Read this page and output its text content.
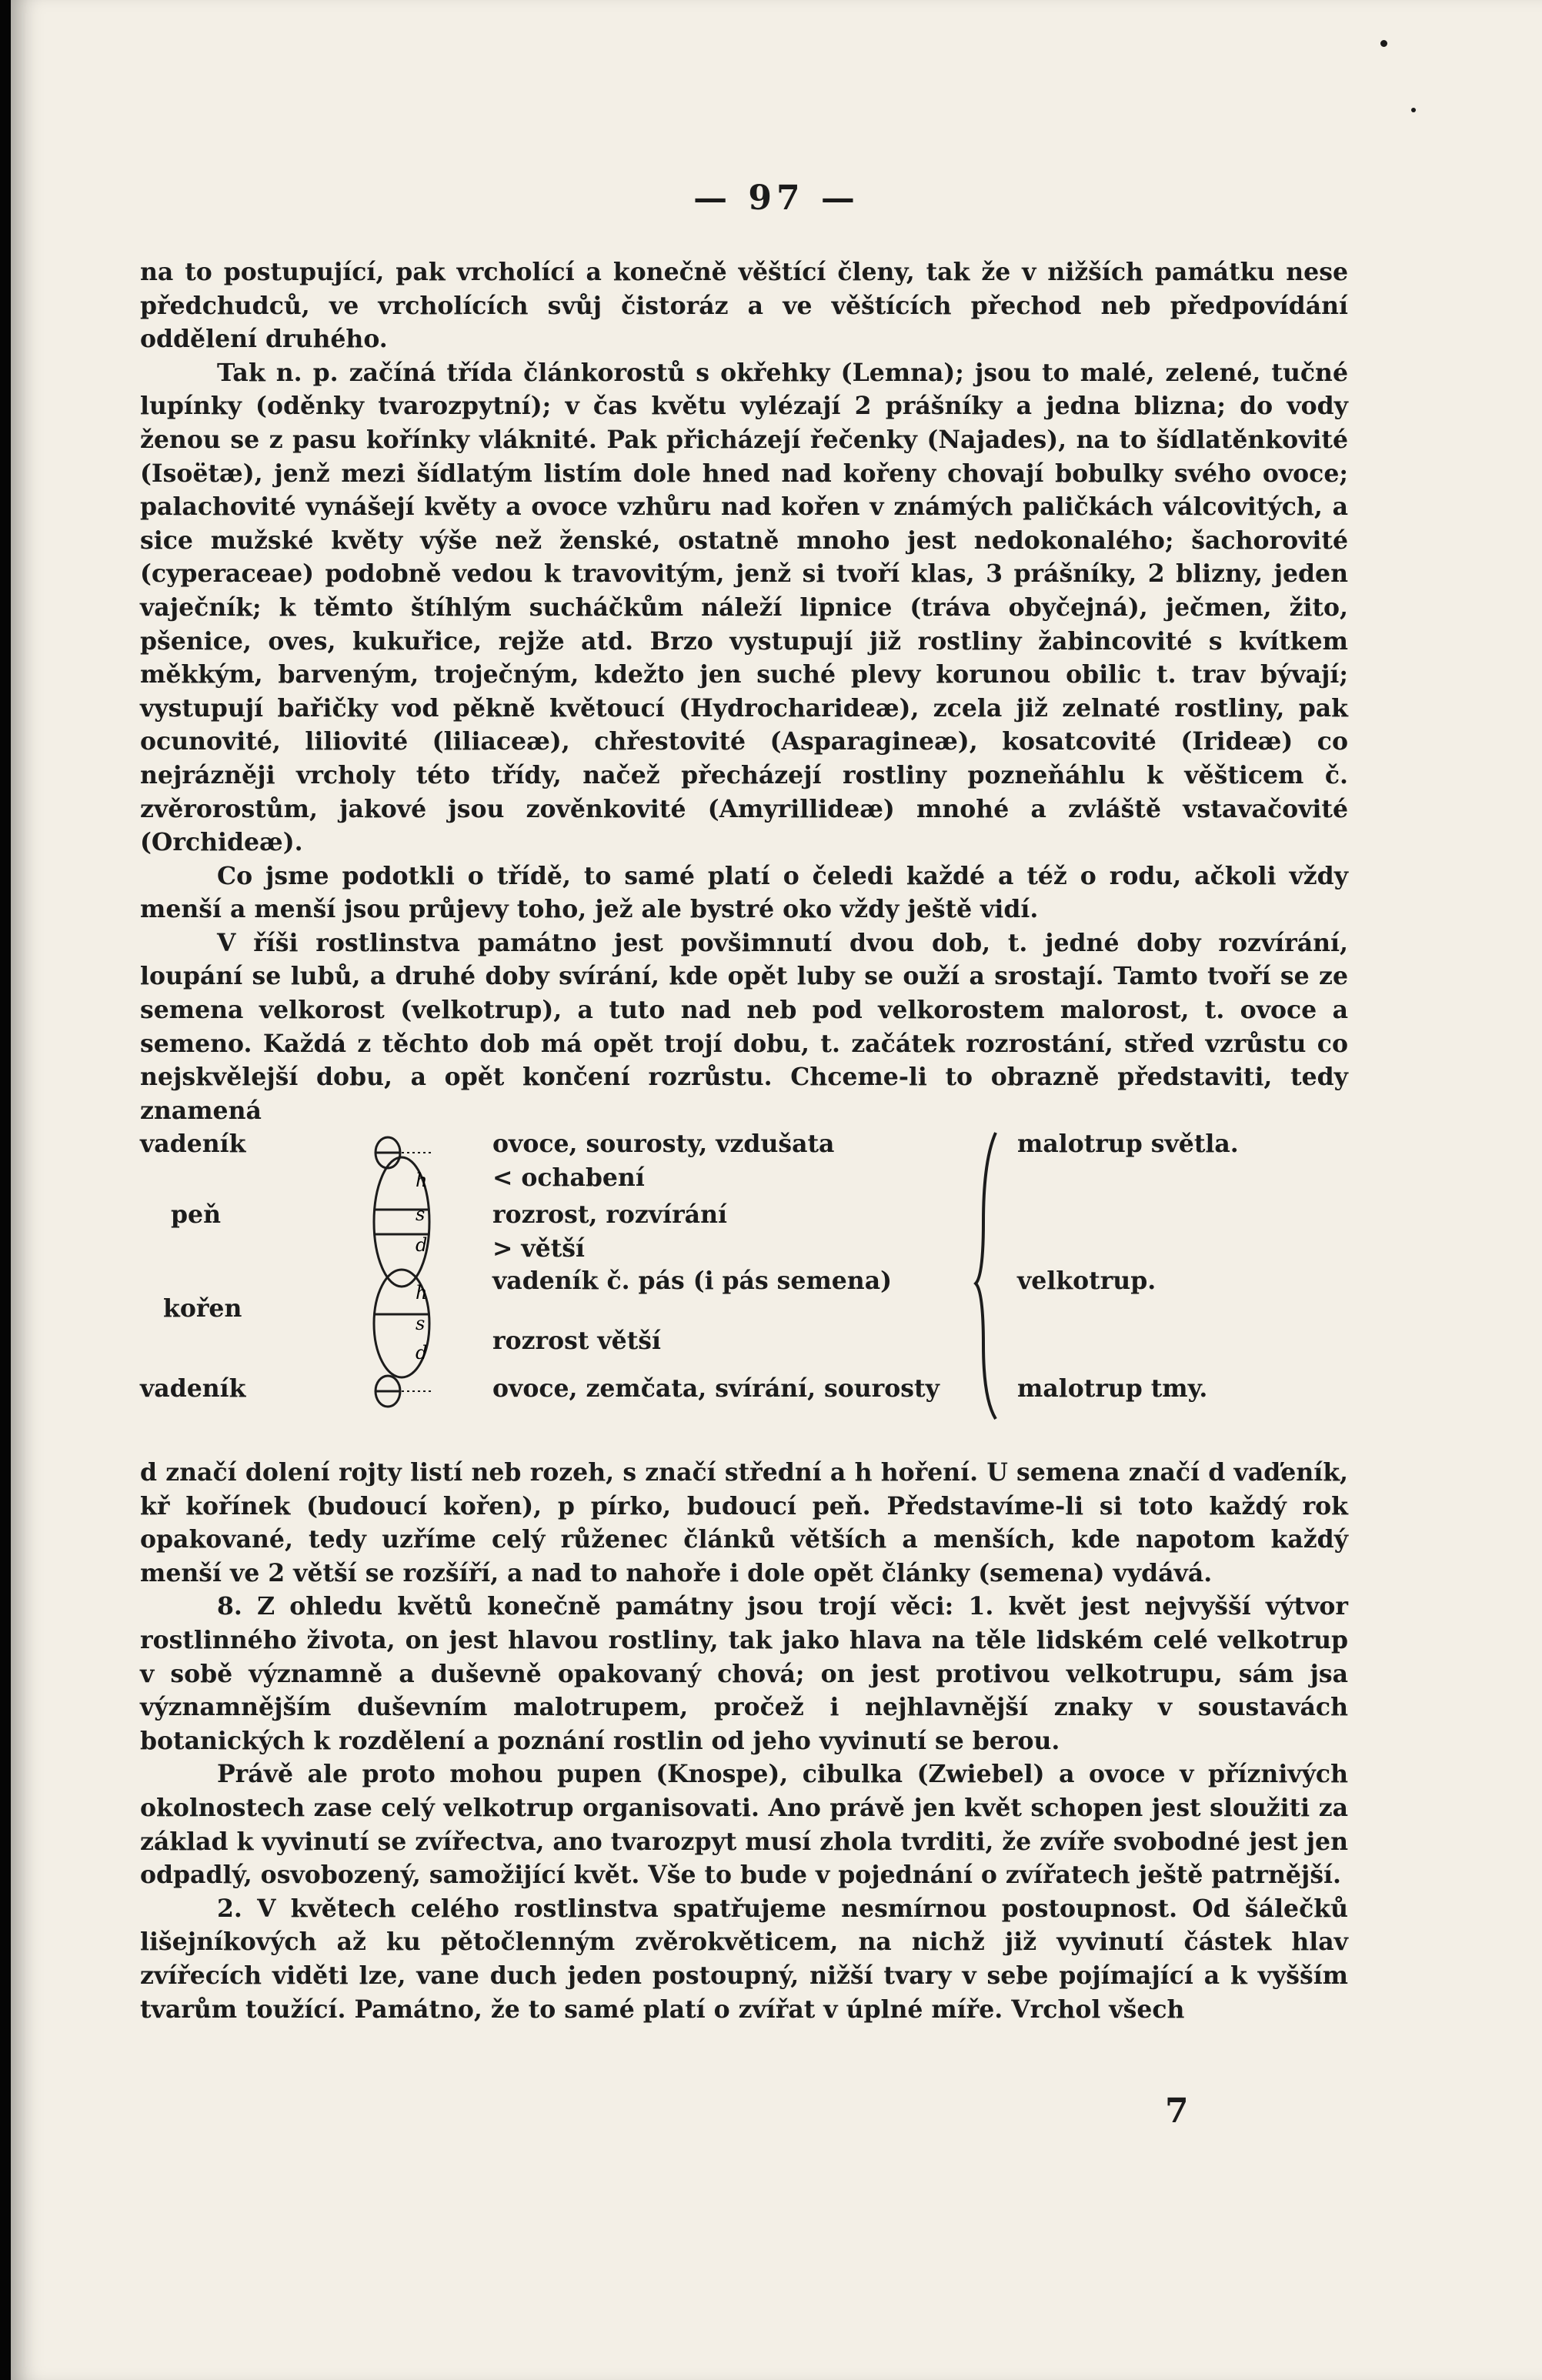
— 97 —

na to postupující, pak vrcholící a konečně věštící členy, tak že v nižších památku nese předchudců, ve vrcholících svůj čistoráz a ve věštících přechod neb předpovídání oddělení druhého.

Tak n. p. začíná třída článkorostů s okřehky (Lemna); jsou to malé, zelené, tučné lupínky (oděnky tvarozpytní); v čas květu vylézají 2 prášníky a jedna blizna; do vody ženou se z pasu kořínky vláknité. Pak přicházejí řečenky (Najades), na to šídlatěnkovité (Isoëtæ), jenž mezi šídlatým listím dole hned nad kořeny chovají bobulky svého ovoce; palachovité vynášejí květy a ovoce vzhůru nad kořen v známých paličkách válcovitých, a sice mužské květy výše než ženské, ostatně mnoho jest nedokonalého; šachorovité (cyperaceae) podobně vedou k travovitým, jenž si tvoří klas, 3 prášníky, 2 blizny, jeden vaječník; k těmto štíhlým sucháčkům náleží lipnice (tráva obyčejná), ječmen, žito, pšenice, oves, kukuřice, rejže atd. Brzo vystupují již rostliny žabincovité s kvítkem měkkým, barveným, troječným, kdežto jen suché plevy korunou obilic t. trav bývají; vystupují bařičky vod pěkně květoucí (Hydrocharideæ), zcela již zelnaté rostliny, pak ocunovité, liliovité (liliaceæ), chřestovité (Asparagineæ), kosatcovité (Irideæ) co nejrázněji vrcholy této třídy, načež přecházejí rostliny pozneňáhlu k věšticem č. zvěrorostům, jakové jsou zověnkovité (Amyrillideæ) mnohé a zvláště vstavačovité (Orchideæ).

Co jsme podotkli o třídě, to samé platí o čeledi každé a též o rodu, ačkoli vždy menší a menší jsou průjevy toho, jež ale bystré oko vždy ještě vidí.

V říši rostlinstva památno jest povšimnutí dvou dob, t. jedné doby rozvírání, loupání se lubů, a druhé doby svírání, kde opět luby se ouží a srostají. Tamto tvoří se ze semena velkorost (velkotrup), a tuto nad neb pod velkorostem malorost, t. ovoce a semeno. Každá z těchto dob má opět trojí dobu, t. začátek rozrostání, střed vzrůstu co nejskvělejší dobu, a opět končení rozrůstu. Chceme-li to obrazně představiti, tedy znamená

vadeník
peň
kořen
vadeník
h
s
d
h
s
d
ovoce, sourosty, vzdušata
< ochabení
rozrost, rozvírání
> větší
vadeník č. pás (i pás semena)
rozrost větší
ovoce, zemčata, svírání, sourosty
malotrup světla.
velkotrup.
malotrup tmy.

d značí dolení rojty listí neb rozeh, s značí střední a h hoření. U semena značí d vaďeník, kř kořínek (budoucí kořen), p pírko, budoucí peň. Představíme-li si toto každý rok opakované, tedy uzříme celý růženec článků větších a menších, kde napotom každý menší ve 2 větší se rozšíří, a nad to nahoře i dole opět články (semena) vydává.

8. Z ohledu květů konečně památny jsou trojí věci: 1. květ jest nejvyšší výtvor rostlinného života, on jest hlavou rostliny, tak jako hlava na těle lidském celé velkotrup v sobě významně a duševně opakovaný chová; on jest protivou velkotrupu, sám jsa významnějším duševním malotrupem, pročež i nejhlavnější znaky v soustavách botanických k rozdělení a poznání rostlin od jeho vyvinutí se berou.

Právě ale proto mohou pupen (Knospe), cibulka (Zwiebel) a ovoce v příznivých okolnostech zase celý velkotrup organisovati. Ano právě jen květ schopen jest sloužiti za základ k vyvinutí se zvířectva, ano tvarozpyt musí zhola tvrditi, že zvíře svobodné jest jen odpadlý, osvobozený, samožijící květ. Vše to bude v pojednání o zvířatech ještě patrnější.

2. V květech celého rostlinstva spatřujeme nesmírnou postoupnost. Od šálečků lišejníkových až ku pětočlenným zvěrokvěticem, na nichž již vyvinutí částek hlav zvířecích viděti lze, vane duch jeden postoupný, nižší tvary v sebe pojímající a k vyšším tvarům toužící. Památno, že to samé platí o zvířat v úplné míře. Vrchol všech

7
